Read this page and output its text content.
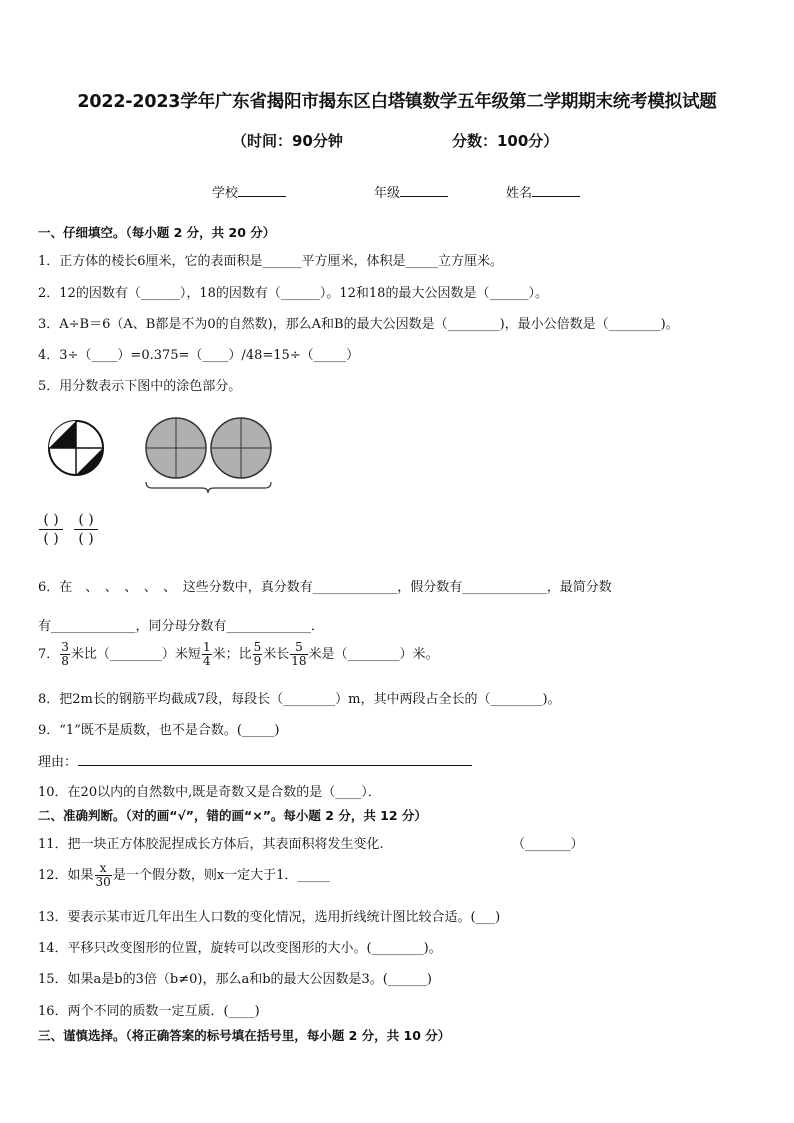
2022-2023学年广东省揭阳市揭东区白塔镇数学五年级第二学期期末统考模拟试题
（时间：90分钟	分数：100分）
学校	年级	姓名
一、仔细填空。（每小题 2 分，共 20 分）
1．正方体的棱长6厘米，它的表面积是______平方厘米，体积是_____立方厘米。
2．12的因数有（______），18的因数有（______）。12和18的最大公因数是（______）。
3．A÷B＝6（A、B都是不为0的自然数)，那么A和B的最大公因数是（________)，最小公倍数是（________)。
4．3÷（____）=0.375=（____）/48=15÷（_____）
5．用分数表示下图中的涂色部分。
( )
( )
( )
( )
6．在　、　、　、　、　、　这些分数中，真分数有_____________，假分数有_____________，最简分数
有_____________，同分母分数有_____________．
7． $\frac{3}{8}$ 米比（________）米短 $\frac{1}{4}$ 米；比 $\frac{5}{9}$ 米长 $\frac{5}{18}$ 米是（________）米。
8．把2m长的钢筋平均截成7段，每段长（________）m，其中两段占全长的（________)。
9．“1”既不是质数，也不是合数。(_____)
理由：
10．在20以内的自然数中,既是奇数又是合数的是（____）．
二、准确判断。（对的画“√”，错的画“×”。每小题 2 分，共 12 分）
11．把一块正方体胶泥捏成长方体后，其表面积将发生变化.	（_______）
12．如果 $\frac{x}{30}$ 是一个假分数，则x一定大于1．_____
13．要表示某市近几年出生人口数的变化情况，选用折线统计图比较合适。(___)
14．平移只改变图形的位置，旋转可以改变图形的大小。(________)。
15．如果a是b的3倍（b≠0)，那么a和b的最大公因数是3。(______)
16．两个不同的质数一定互质．(____)
三、谨慎选择。（将正确答案的标号填在括号里，每小题 2 分，共 10 分）
